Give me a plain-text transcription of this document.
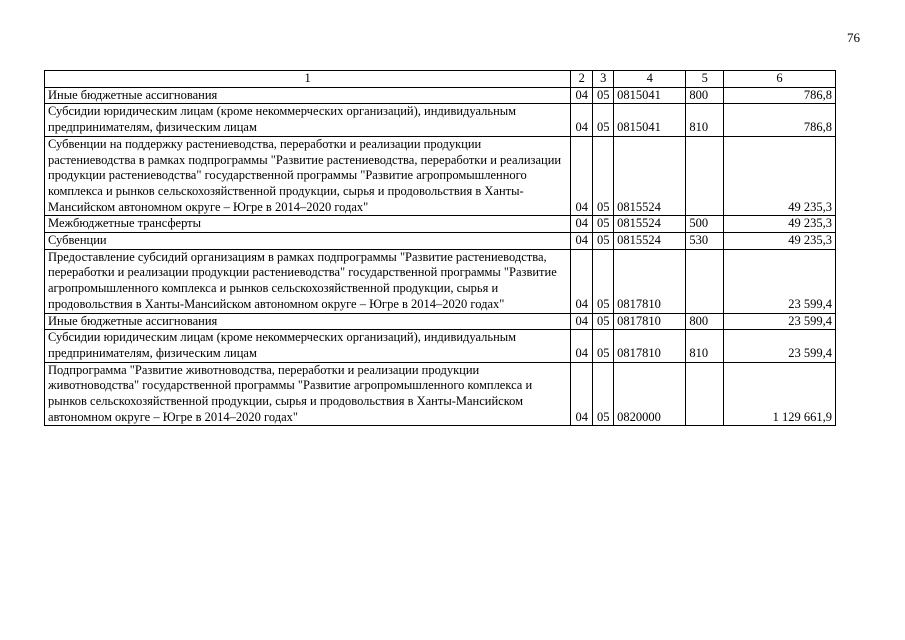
76
1	2	3	4	5	6
Иные бюджетные ассигнования	04	05	0815041	800	786,8
Субсидии юридическим лицам (кроме некоммерческих организаций), индивидуальным предпринимателям, физическим лицам	04	05	0815041	810	786,8
Субвенции на поддержку растениеводства, переработки и реализации продукции растениеводства в рамках подпрограммы "Развитие растениеводства, переработки и реализации продукции растениеводства" государственной программы "Развитие агропромышленного комплекса и рынков сельскохозяйственной продукции, сырья и продовольствия в Ханты-Мансийском автономном округе – Югре в 2014–2020 годах"	04	05	0815524		49 235,3
Межбюджетные трансферты	04	05	0815524	500	49 235,3
Субвенции	04	05	0815524	530	49 235,3
Предоставление субсидий организациям в рамках подпрограммы "Развитие растениеводства, переработки и реализации продукции растениеводства" государственной программы "Развитие агропромышленного комплекса и рынков сельскохозяйственной продукции, сырья и продовольствия в Ханты-Мансийском автономном округе – Югре в 2014–2020 годах"	04	05	0817810		23 599,4
Иные бюджетные ассигнования	04	05	0817810	800	23 599,4
Субсидии юридическим лицам (кроме некоммерческих организаций), индивидуальным предпринимателям, физическим лицам	04	05	0817810	810	23 599,4
Подпрограмма "Развитие животноводства, переработки и реализации продукции животноводства" государственной программы "Развитие агропромышленного комплекса и рынков сельскохозяйственной продукции, сырья и продовольствия в Ханты-Мансийском автономном округе – Югре в 2014–2020 годах"	04	05	0820000		1 129 661,9
